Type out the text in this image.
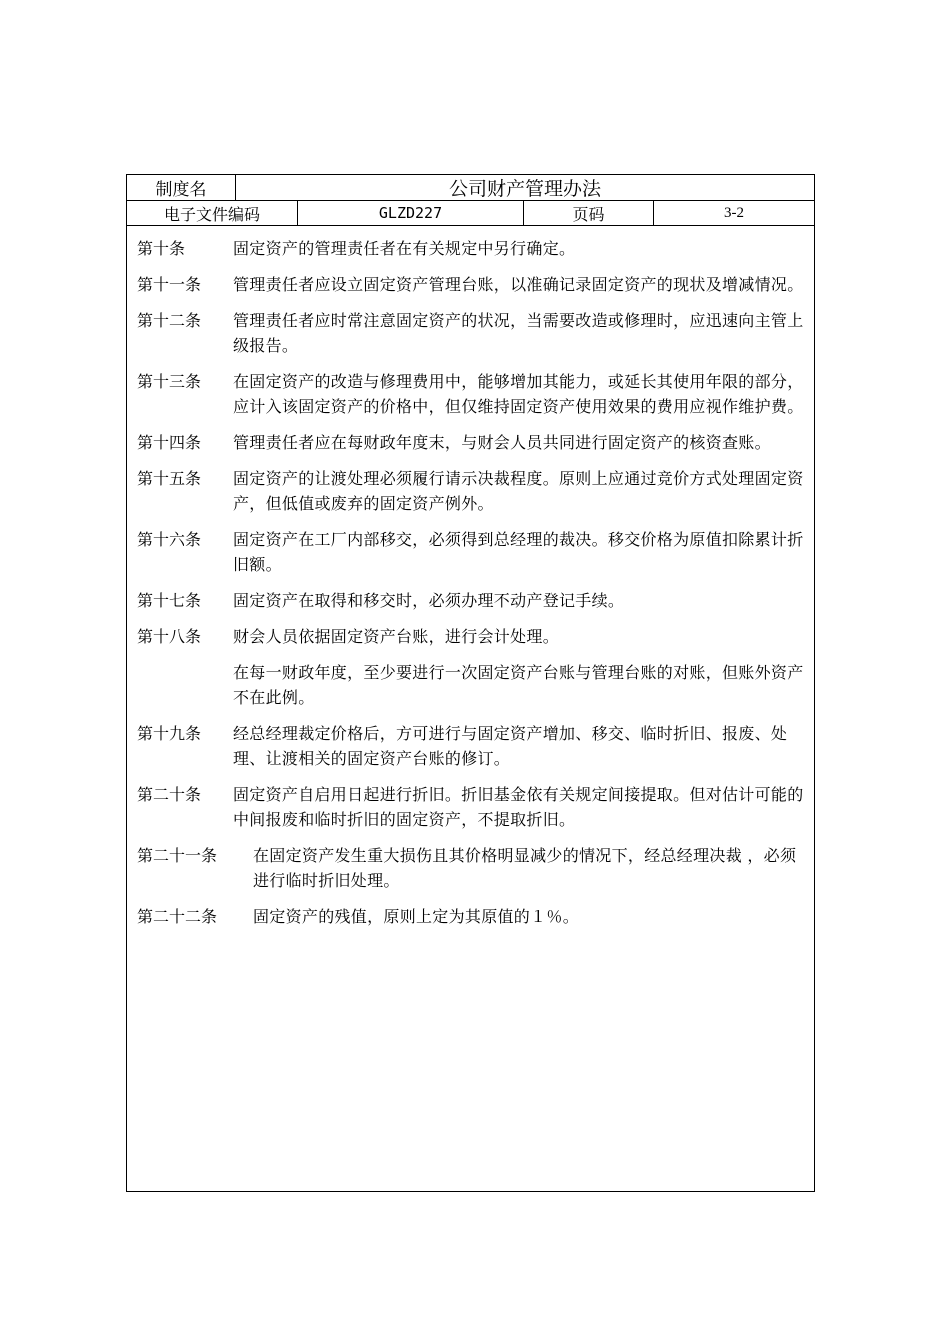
制度名	公司财产管理办法
电子文件编码	GLZD227	页码	3-2
第十条	固定资产的管理责任者在有关规定中另行确定。
第十一条	管理责任者应设立固定资产管理台账，以准确记录固定资产的现状及增减情况。
第十二条	管理责任者应时常注意固定资产的状况，当需要改造或修理时，应迅速向主管上级报告。
第十三条	在固定资产的改造与修理费用中，能够增加其能力，或延长其使用年限的部分，应计入该固定资产的价格中，但仅维持固定资产使用效果的费用应视作维护费。
第十四条	管理责任者应在每财政年度末，与财会人员共同进行固定资产的核资查账。
第十五条	固定资产的让渡处理必须履行请示决裁程度。原则上应通过竞价方式处理固定资产，但低值或废弃的固定资产例外。
第十六条	固定资产在工厂内部移交，必须得到总经理的裁决。移交价格为原值扣除累计折旧额。
第十七条	固定资产在取得和移交时，必须办理不动产登记手续。
第十八条	财会人员依据固定资产台账，进行会计处理。
在每一财政年度，至少要进行一次固定资产台账与管理台账的对账，但账外资产不在此例。
第十九条	经总经理裁定价格后，方可进行与固定资产增加、移交、临时折旧、报废、处理、让渡相关的固定资产台账的修订。
第二十条	固定资产自启用日起进行折旧。折旧基金依有关规定间接提取。但对估计可能的中间报废和临时折旧的固定资产，不提取折旧。
第二十一条	在固定资产发生重大损伤且其价格明显减少的情况下，经总经理决裁 ，必须进行临时折旧处理。
第二十二条	固定资产的残值，原则上定为其原值的１％。
